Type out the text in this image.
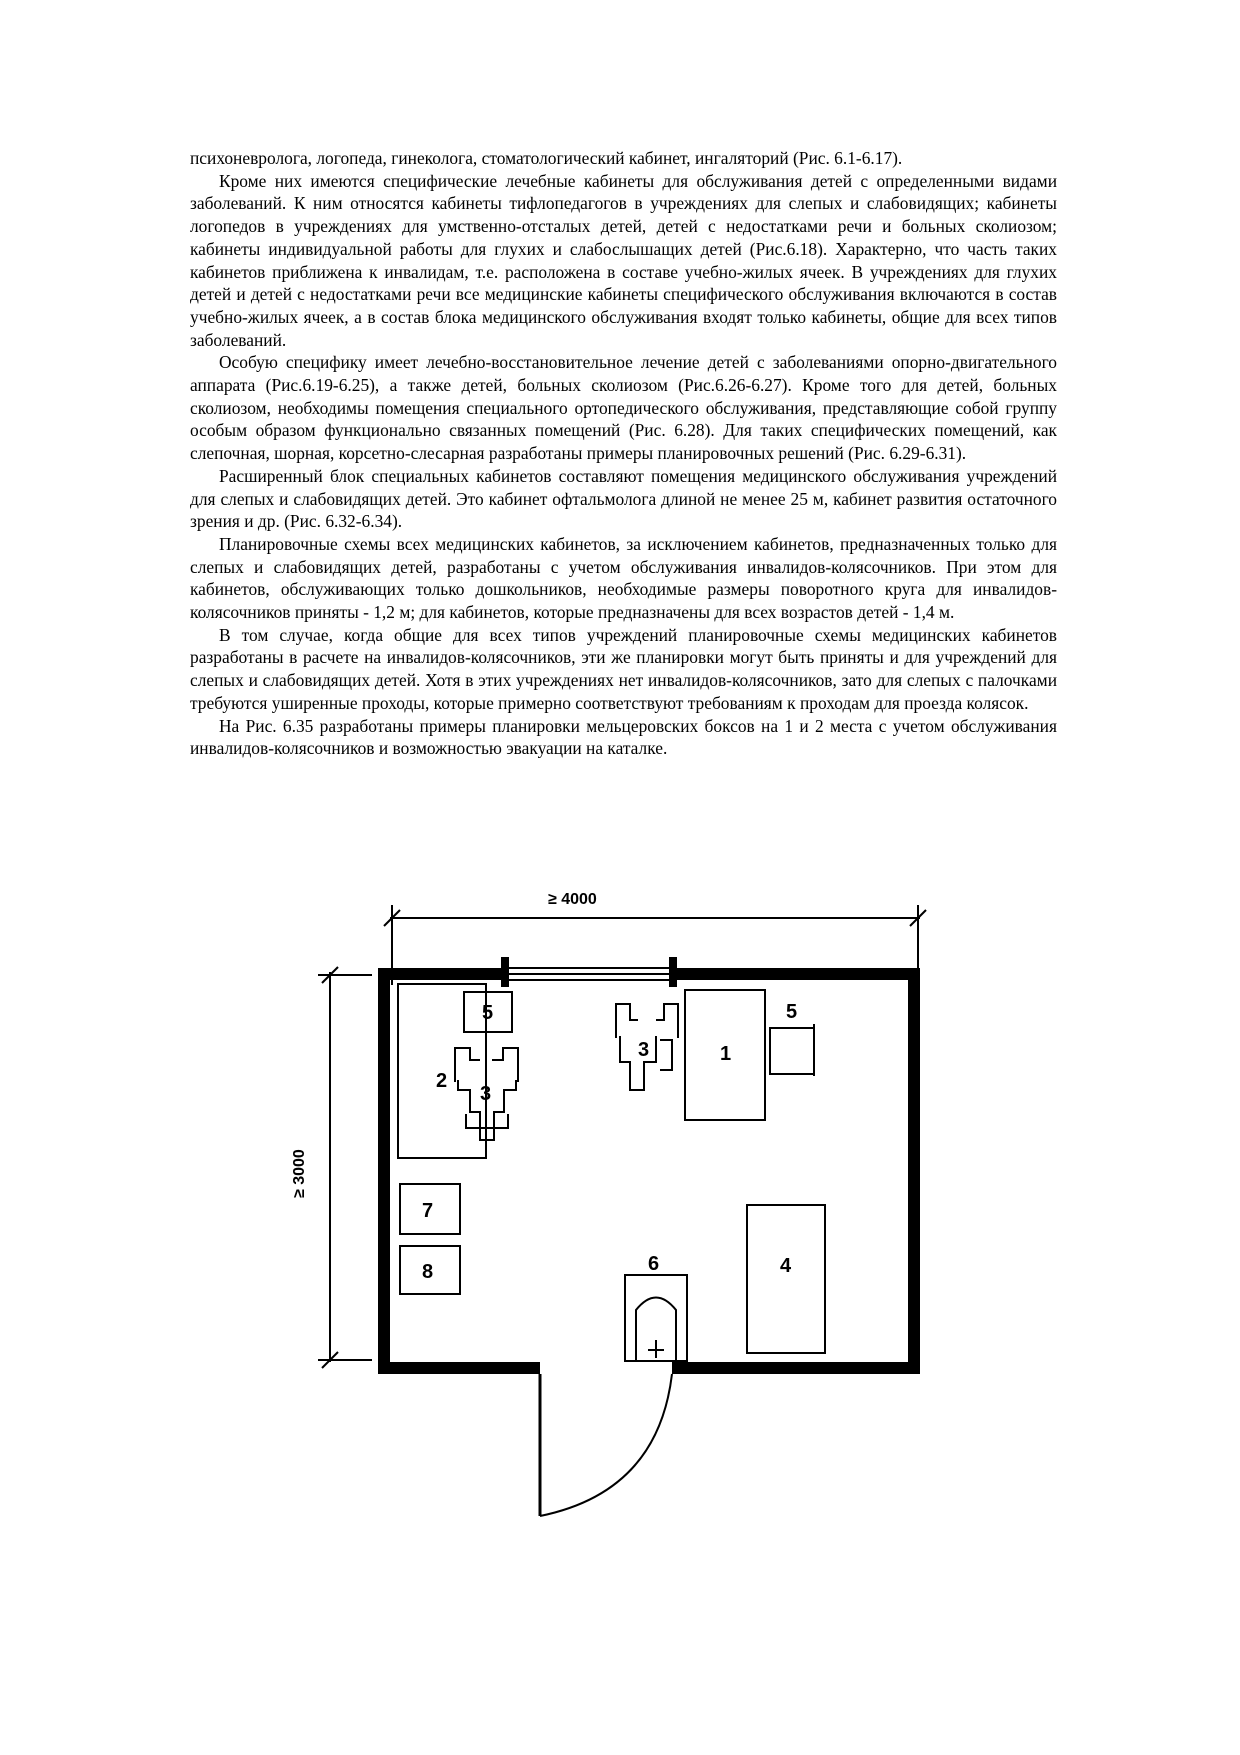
психоневролога, логопеда, гинеколога, стоматологический кабинет, ингаляторий (Рис. 6.1-6.17).

Кроме них имеются специфические лечебные кабинеты для обслуживания детей с определенными видами заболеваний. К ним относятся кабинеты тифлопедагогов в учреждениях для слепых и слабовидящих; кабинеты логопедов в учреждениях для умственно-отсталых детей, детей с недостатками речи и больных сколиозом; кабинеты индивидуальной работы для глухих и слабослышащих детей (Рис.6.18). Характерно, что часть таких кабинетов приближена к инвалидам, т.е. расположена в составе учебно-жилых ячеек. В учреждениях для глухих детей и детей с недостатками речи все медицинские кабинеты специфического обслуживания включаются в состав учебно-жилых ячеек, а в состав блока медицинского обслуживания входят только кабинеты, общие для всех типов заболеваний.

Особую специфику имеет лечебно-восстановительное лечение детей с заболеваниями опорно-двигательного аппарата (Рис.6.19-6.25), а также детей, больных сколиозом (Рис.6.26-6.27). Кроме того для детей, больных сколиозом, необходимы помещения специального ортопедического обслуживания, представляющие собой группу особым образом функционально связанных помещений (Рис. 6.28). Для таких специфических помещений, как слепочная, шорная, корсетно-слесарная разработаны примеры планировочных решений (Рис. 6.29-6.31).

Расширенный блок специальных кабинетов составляют помещения медицинского обслуживания учреждений для слепых и слабовидящих детей. Это кабинет офтальмолога длиной не менее 25 м, кабинет развития остаточного зрения и др. (Рис. 6.32-6.34).

Планировочные схемы всех медицинских кабинетов, за исключением кабинетов, предназначенных только для слепых и слабовидящих детей, разработаны с учетом обслуживания инвалидов-колясочников. При этом для кабинетов, обслуживающих только дошкольников, необходимые размеры поворотного круга для инвалидов-колясочников приняты - 1,2 м; для кабинетов, которые предназначены для всех возрастов детей - 1,4 м.

В том случае, когда общие для всех типов учреждений планировочные схемы медицинских кабинетов разработаны в расчете на инвалидов-колясочников, эти же планировки могут быть приняты и для учреждений для слепых и слабовидящих детей. Хотя в этих учреждениях нет инвалидов-колясочников, зато для слепых с палочками требуются уширенные проходы, которые примерно соответствуют требованиям к проходам для проезда колясок.

На Рис. 6.35 разработаны примеры планировки мельцеровских боксов на 1 и 2 места с учетом обслуживания инвалидов-колясочников и возможностью эвакуации на каталке.

≥ 4000
≥ 3000
2
1
4
7
8
5	5
6
3
3
